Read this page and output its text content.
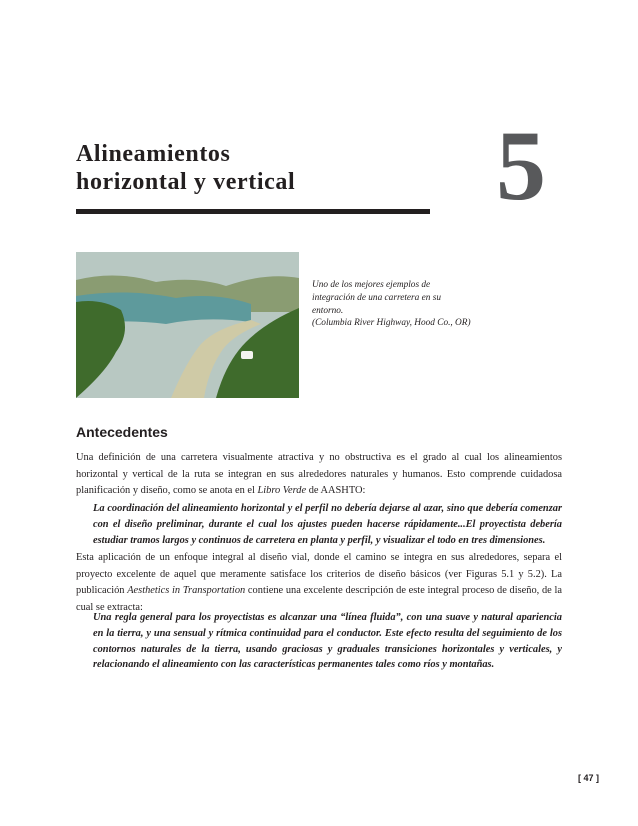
Alineamientos
horizontal y vertical 5
Uno de los mejores ejemplos de
integración de una carretera en su
entorno.
(Columbia River Highway, Hood Co., OR)
Antecedentes

Una definición de una carretera visualmente atractiva y no obstructiva es el grado al cual los alineamientos horizontal y vertical de la ruta se integran en sus alrededores naturales y humanos. Esto comprende cuidadosa planificación y diseño, como se anota en el Libro Verde de AASHTO:

La coordinación del alineamiento horizontal y el perfil no debería dejarse al azar, sino que debería comenzar con el diseño preliminar, durante el cual los ajustes pueden hacerse rápidamente...El proyectista debería estudiar tramos largos y continuos de carretera en planta y perfil, y visualizar el todo en tres dimensiones.

Esta aplicación de un enfoque integral al diseño vial, donde el camino se integra en sus alrededores, separa el proyecto excelente de aquel que meramente satisface los criterios de diseño básicos (ver Figuras 5.1 y 5.2). La publicación Aesthetics in Transportation contiene una excelente descripción de este integral proceso de diseño, de la cual se extracta:

Una regla general para los proyectistas es alcanzar una “línea fluida”, con una suave y natural apariencia en la tierra, y una sensual y rítmica continuidad para el conductor. Este efecto resulta del seguimiento de los contornos naturales de la tierra, usando graciosas y graduales transiciones horizontales y verticales, y relacionando el alineamiento con las características permanentes tales como ríos y montañas.

[ 47 ]
